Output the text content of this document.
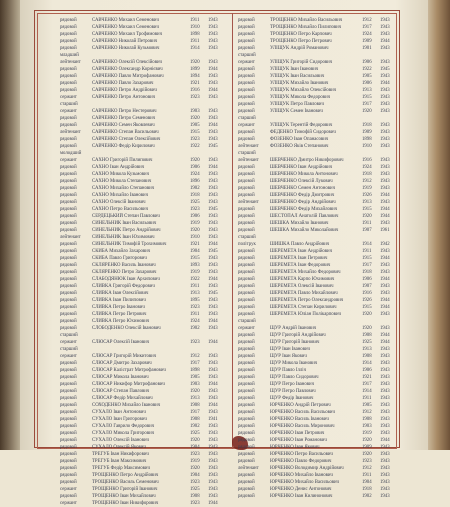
рядовой	САВЧЕНКО Михаил Семенович	1911	1943
рядовой	САВЧЕНКО Михаил Семенович	1910	1943
рядовой	САВЧЕНКО Михаил Трофимович	1898	1943
рядовой	САВЧЕНКО Николай Петрович	1911	1943
рядовой	САВЧЕНКО Николай Кузьмович	1914	1943
младший
лейтенант	САВЧЕНКО Олексій Олексійович	1920	1943
рядовой	САВЧЕНКО Олександр Корнієвич	1899	1944
рядовой	САВЧЕНКО Павло Митрофанович	1894	1943
рядовой	САВЧЕНКО Павло Захарович	1921	1943
рядовой	САВЧЕНКО Петро Андрійович	1916	1944
сержант	САВЧЕНКО Петро Антонович	1923	1943
старший
сержант	САВЧЕНКО Петро Нестерович	1903	1943
рядовой	САВЧЕНКО Петро Семенович	1920	1943
рядовой	САВЧЕНКО Семен Яковлевич	1905	1944
лейтенант	САВЧЕНКО Степан Васильович	1915	1943
рядовой	САВЧЕНКО Степан Олексійович	1923	1943
рядовой	САВЧЕНКО Федір Кирилович	1922	1945
молодший
сержант	САХНО Григорій Пилипович	1920	1943
рядовой	САХНО Іван Андрійович	1906	1944
рядовой	САХНО Микола Кузьмович	1924	1943
рядовой	САХНО Микола Степанович	1896	1943
рядовой	САХНО Михайло Степанович	1902	1943
рядовой	САХНО Михайло Іванович	1918	1943
рядовой	САХНО Олексій Іванович	1925	1943
рядовой	САХНО Петро Васильович	1923	1945
рядовой	СЕРДЕЦЬКИЙ Степан Павлович	1906	1943
рядовой	СИНЕЛЬНИК Іван Васильович	1919	1943
рядовой	СИНЕЛЬНИК Петро Андрійович	1920	1943
лейтенант	СИНЕЛЬНИК Іван Юхимович	1910	1943
рядовой	СИНЕЛЬНИК Тимофій Трохимович	1921	1944
рядовой	СКИБА Михайло Захарович	1904	1945
рядовой	СКИБА Павло Григорович	1915	1943
рядовой	СКЛЯРЕНКО Василь Іванович	1893	1943
рядовой	СКЛЯРЕНКО Петро Захарович	1919	1943
рядовой	СЛАБОДЯНЮК Іван Архипович	1922	1944
рядовой	СЛИВКА Григорій Федорович	1911	1943
рядовой	СЛИВКА Іван Олексійович	1913	1945
рядовой	СЛИВКА Іван Пилипович	1895	1943
рядовой	СЛИВКА Петро Іванович	1923	1943
рядовой	СЛИВКА Петро Петрович	1911	1943
рядовой	СЛИВКА Петро Юхимович	1924	1944
рядовой	СЛОБОДЕНКО Олексій Іванович	1902	1943
старший
сержант	СЛЮСАР Олексій Іванович	1923	1944
старший
сержант	СЛЮСАР Григорій Микитович	1912	1943
рядовой	СЛЮСАР Дмитро Захарович	1917	1943
рядовой	СЛЮСАР Калістрат Митрофанович	1898	1943
рядовой	СЛЮСАР Микола Іванович	1905	1943
рядовой	СЛЮСАР Никифор Митрофанович	1903	1944
рядовой	СЛЮСАР Степан Павлович	1920	1943
рядовой	СЛЮСАР Федір Михайлович	1913	1943
рядовой	СОХОДЕНКО Михайло Іванович	1908	1944
рядовой	СУХАЛО Іван Антонович	1917	1943
рядовой	СУХАЛО Іван Григорович	1908	1941
рядовой	СУХАЛО Гаврило Федорович	1902	1943
рядовой	СУХАЛО Микола Григорович	1925	1943
рядовой	СУХАЛО Олексій Іванович	1920	1943
рядовой	СУХАЛО Олексій Якович	1904	1943
рядовой	ТРЕГУБ Іван Никифорович	1923	1943
рядовой	ТРЕГУБ Іван Максимович	1919	1943
рядовой	ТРЕГУБ Федір Максимович	1920	1943
рядовой	ТРОЩЕНКО Петро Андрійович	1904	1943
рядовой	ТРОЩЕНКО Василь Семенович	1923	1943
сержант	ТРОЩЕНКО Григорій Іванович	1925	1943
рядовой	ТРОЩЕНКО Іван Михайлович	1908	1943
сержант	ТРОЩЕНКО Іван Никифорович	1923	1944
рядовой	ТРОЩЕНКО Михайло Васильович	1912	1943
рядовой	ТРОЩЕНКО Михайло Пилипович	1917	1943
рядовой	ТРОЩЕНКО Петро Карпович	1924	1943
рядовой	ТРОЩЕНКО Петро Петрович	1909	1944
рядовой	УЛІЩУК Андрій Романович	1901	1943
старший
сержант	УЛІЩУК Григорій Сидорович	1906	1943
рядовой	УЛІЩУК Іван Іванович	1922	1945
рядовой	УЛІЩУК Іван Васильович	1905	1943
рядовой	УЛІЩУК Михайло Іванович	1906	1944
рядовой	УЛІЩУК Михайло Олексійович	1913	1943
рядовой	УЛІЩУК Микола Федорович	1915	1943
рядовой	УЛІЩУК Петро Павлович	1917	1943
рядовой	УЛІЩУК Семен Іванович	1920	1943
старший
сержант	УЛІЩУК Терентій Федорович	1918	1943
рядовой	ФЕДЕНКО Тимофій Сидорович	1909	1943
рядовой	ФОЗЕНКО Іван Опанасович	1898	1943
лейтенант	ФОЗЕНКО Яків Степанович	1910	1943
старший
лейтенант	ШЕВЧЕНКО Дмитро Никифорович	1916	1943
рядовой	ШЕВЧЕНКО Іван Андрійович	1924	1943
рядовой	ШЕВЧЕНКО Микола Антонович	1918	1943
рядовой	ШЕВЧЕНКО Олексій Лукович	1912	1943
рядовой	ШЕВЧЕНКО Семен Антонович	1919	1943
рядовой	ШЕВЧЕНКО Федір Дмитрович	1926	1944
лейтенант	ШЕВЧЕНКО Федір Андрійович	1913	1943
рядовой	ШЕВЧЕНКО Федір Михайлович	1915	1944
рядовой	ШЕСТОПАЛ Анатолій Павлович	1920	1944
рядовой	ШЕШКА Михайло Іванович	1911	1943
рядовой	ШЕШКА Михайло Миколайович	1907	1961
старший
політрук	ШИШКА Павло Андрійович	1914	1942
рядовой	ШЕРЕМЕТА Іван Андрійович	1911	1943
рядовой	ШЕРЕМЕТА Іван Петрович	1915	1944
рядовой	ШЕРЕМЕТА Іван Федорович	1917	1943
рядовой	ШЕРЕМЕТА Михайло Федорович	1918	1943
рядовой	ШЕРЕМЕТА Карпо Юхимович	1906	1944
рядовой	ШЕРЕМЕТА Олексій Іванович	1907	1943
рядовой	ШЕРЕМЕТА Павло Михайлович	1916	1943
рядовой	ШЕРЕМЕТА Петро Олександрович	1926	1944
рядовой	ШЕРЕМЕТА Степан Кирилович	1915	1944
рядовой	ШЕРЕМЕТА Юліан Полікарпович	1920	1943
старший
сержант	ЩУР Андрій Іванович	1920	1943
рядовой	ЩУР Григорій Андрійович	1908	1944
рядовой	ЩУР Григорій Іванович	1925	1944
рядовой	ЩУР Іван Іванович	1913	1943
рядовой	ЩУР Іван Якович	1908	1943
рядовой	ЩУР Микола Іванович	1914	1943
рядовой	ЩУР Павло Ілліч	1906	1943
рядовой	ЩУР Павло Сидорович	1921	1943
рядовой	ЩУР Петро Іванович	1917	1943
рядовой	ЩУР Петро Павлович	1914	1943
рядовой	ЩУР Федір Іванович	1911	1943
рядовой	ЮРЧЕНКО Андрій Петрович	1905	1943
рядовой	ЮРЧЕНКО Василь Васильович	1912	1943
рядовой	ЮРЧЕНКО Василь Іванович	1908	1943
рядовой	ЮРЧЕНКО Василь Миронович	1903	1943
рядовой	ЮРЧЕНКО Іван Петрович	1919	1943
рядовой	ЮРЧЕНКО Іван Романович	1920	1944
рядовой	ЮРЧЕНКО Іван Якович	1909	1943
рядовой	ЮРЧЕНКО Петро Васильович	1920	1943
рядовой	ЮРЧЕНКО Павло Федорович	1923	1943
лейтенант	ЮРЧЕНКО Володимир Андрійович	1912	1943
рядовой	ЮРЧЕНКО Михайло Іванович	1911	1943
рядовой	ЮРЧЕНКО Михайло Васильович	1904	1943
рядовой	ЮРЧЕНКО Денис Антонович	1918	1943
рядовой	ЮРЧЕНКО Іван Килинонович	1902	1943
